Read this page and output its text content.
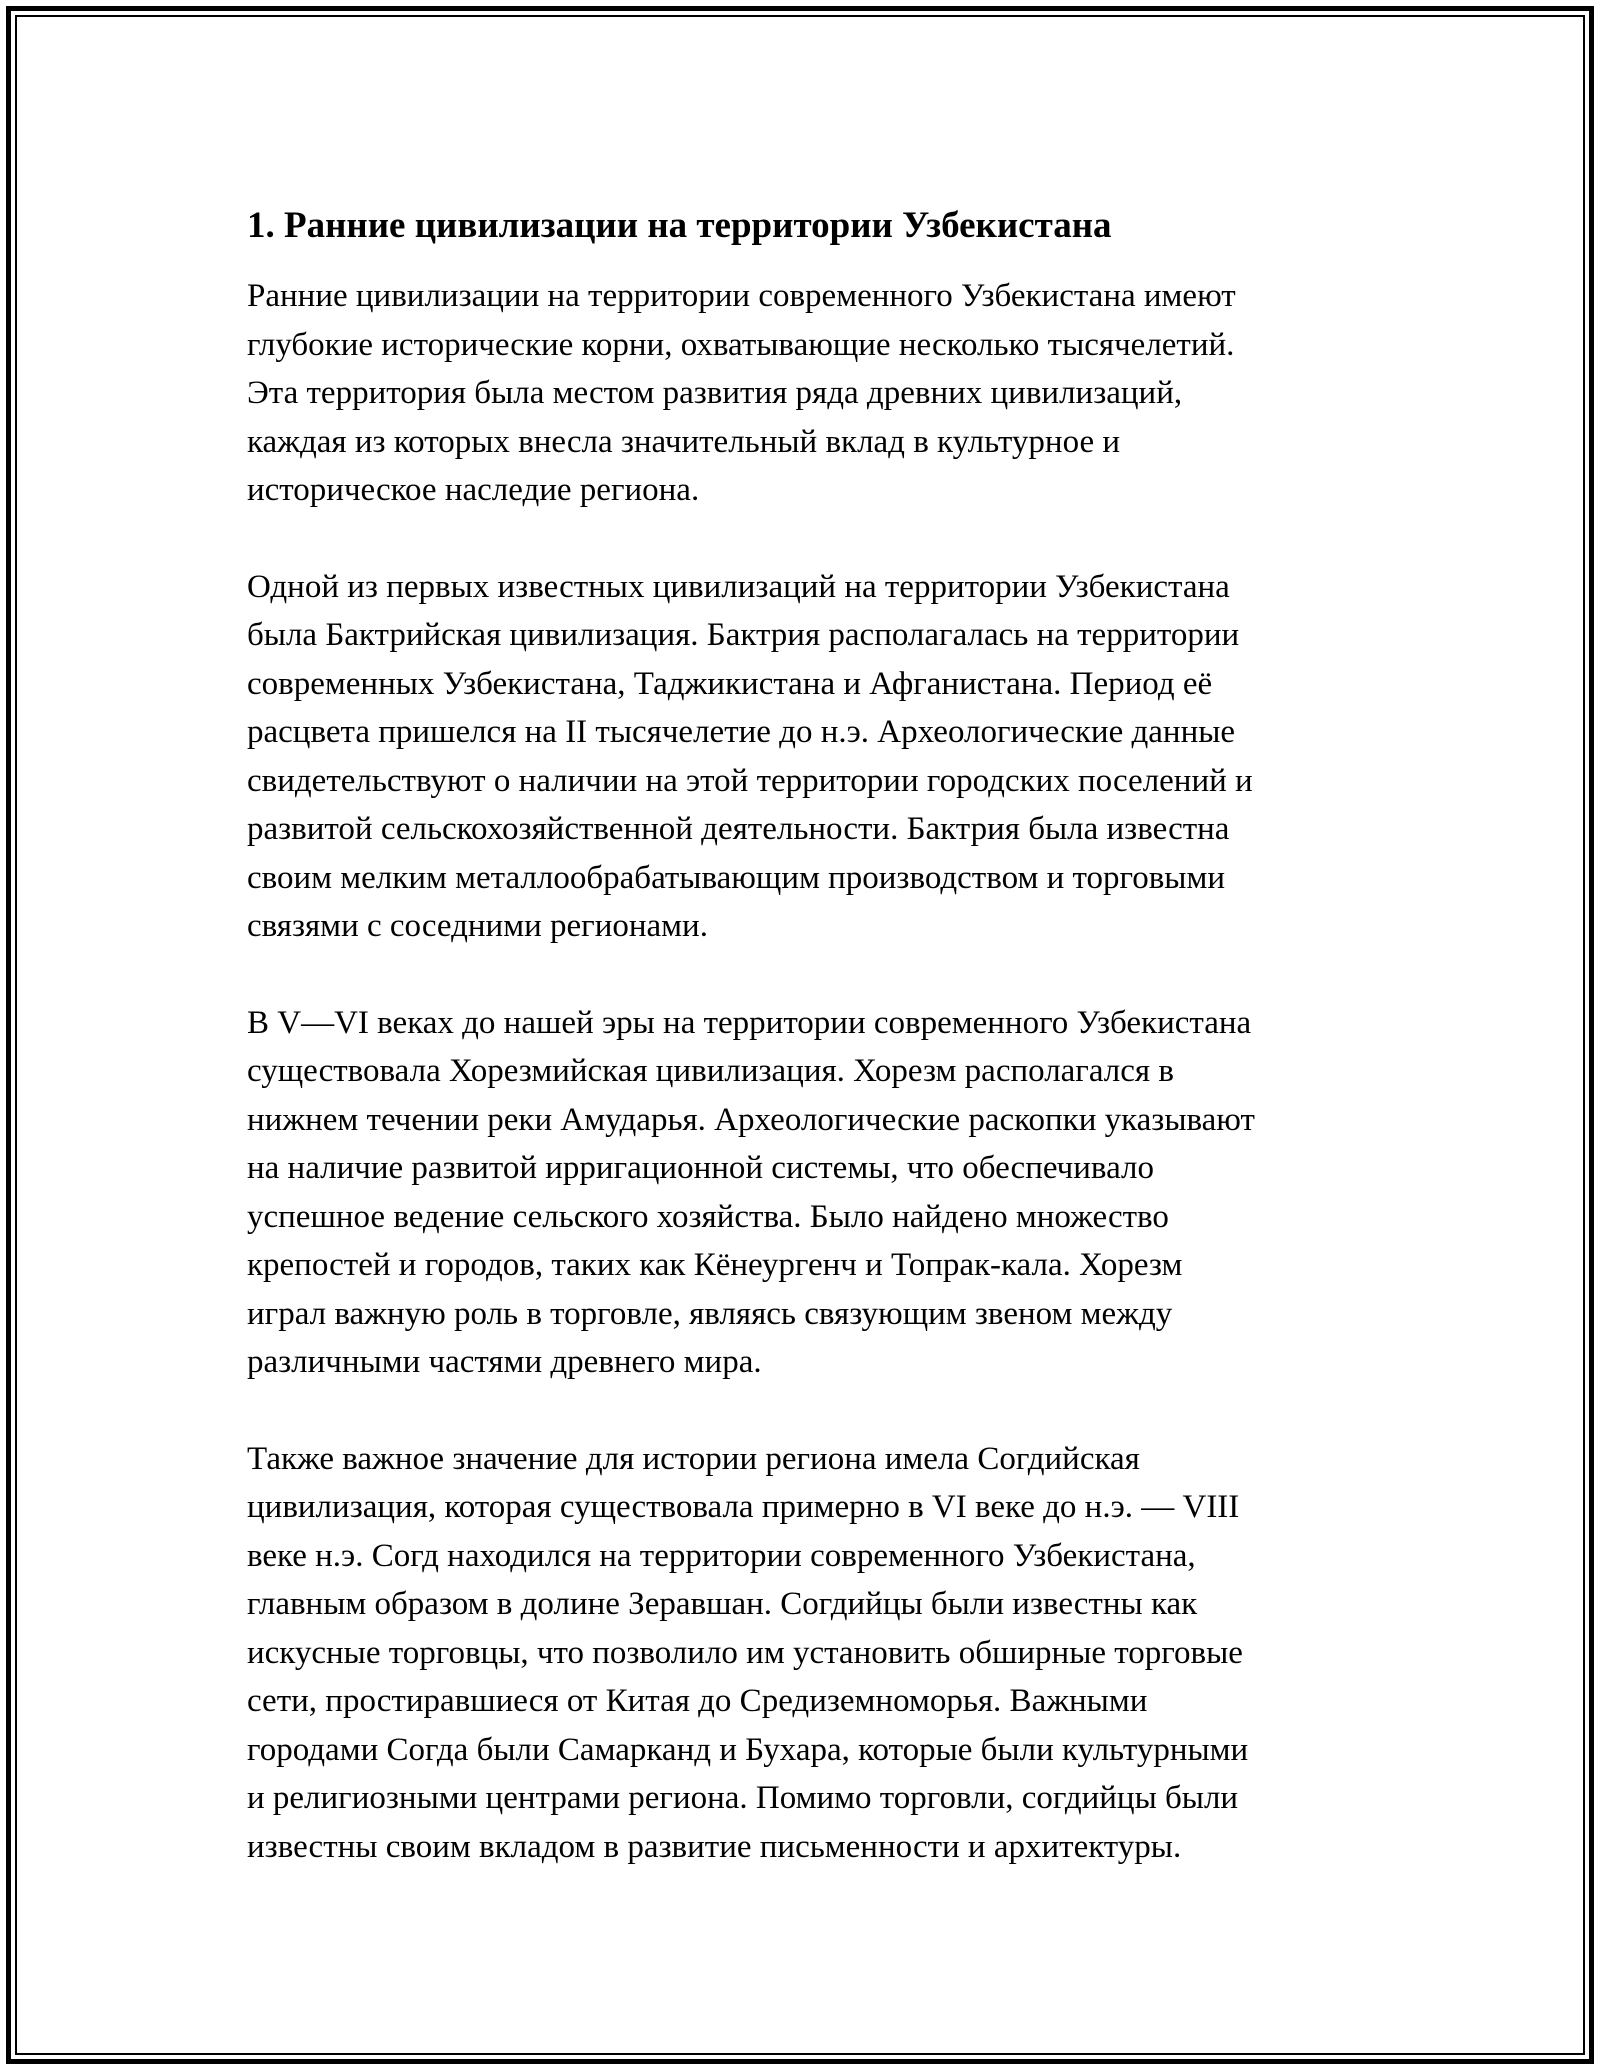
1. Ранние цивилизации на территории Узбекистана

Ранние цивилизации на территории современного Узбекистана имеют
глубокие исторические корни, охватывающие несколько тысячелетий.
Эта территория была местом развития ряда древних цивилизаций,
каждая из которых внесла значительный вклад в культурное и
историческое наследие региона.

Одной из первых известных цивилизаций на территории Узбекистана
была Бактрийская цивилизация. Бактрия располагалась на территории
современных Узбекистана, Таджикистана и Афганистана. Период её
расцвета пришелся на II тысячелетие до н.э. Археологические данные
свидетельствуют о наличии на этой территории городских поселений и
развитой сельскохозяйственной деятельности. Бактрия была известна
своим мелким металлообрабатывающим производством и торговыми
связями с соседними регионами.

В V—VI веках до нашей эры на территории современного Узбекистана
существовала Хорезмийская цивилизация. Хорезм располагался в
нижнем течении реки Амударья. Археологические раскопки указывают
на наличие развитой ирригационной системы, что обеспечивало
успешное ведение сельского хозяйства. Было найдено множество
крепостей и городов, таких как Кёнеургенч и Топрак-кала. Хорезм
играл важную роль в торговле, являясь связующим звеном между
различными частями древнего мира.

Также важное значение для истории региона имела Согдийская
цивилизация, которая существовала примерно в VI веке до н.э. — VIII
веке н.э. Согд находился на территории современного Узбекистана,
главным образом в долине Зеравшан. Согдийцы были известны как
искусные торговцы, что позволило им установить обширные торговые
сети, простиравшиеся от Китая до Средиземноморья. Важными
городами Согда были Самарканд и Бухара, которые были культурными
и религиозными центрами региона. Помимо торговли, согдийцы были
известны своим вкладом в развитие письменности и архитектуры.
